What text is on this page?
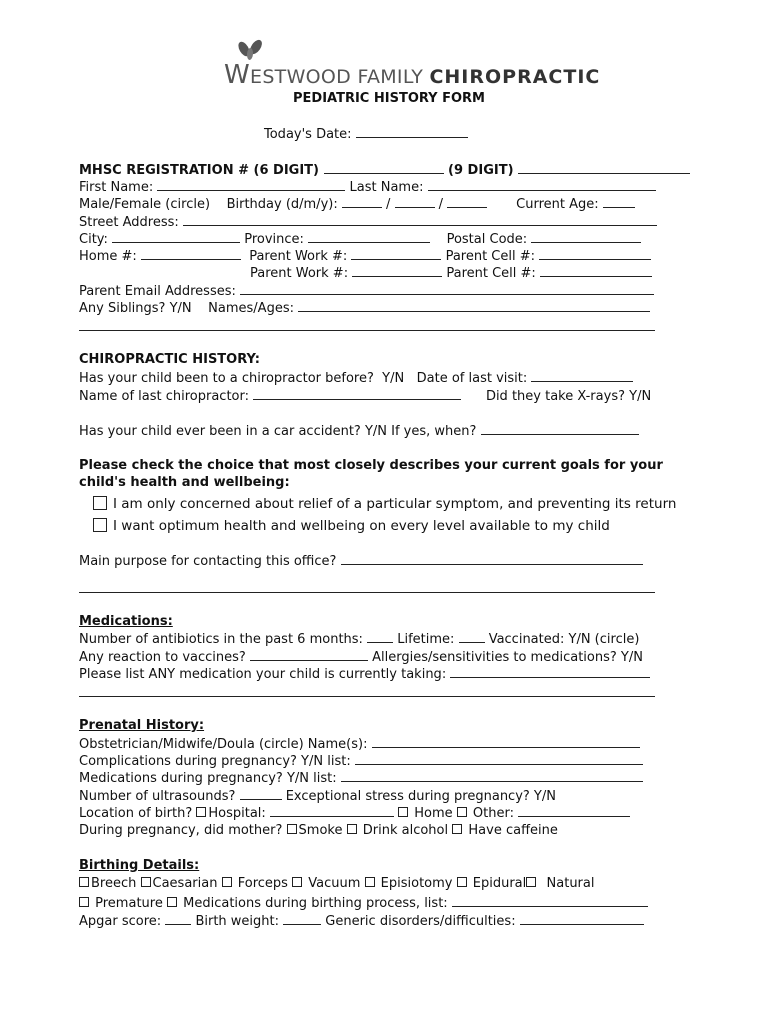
WESTWOOD FAMILY CHIROPRACTIC
PEDIATRIC HISTORY FORM
Today's Date:
MHSC REGISTRATION # (6 DIGIT)	(9 DIGIT)
First Name:	Last Name:
Male/Female (circle) Birthday (d/m/y):	/	/	Current Age:
Street Address:
City:	Province:	Postal Code:
Home #:	Parent Work #:	Parent Cell #:
Parent Work #:	Parent Cell #:
Parent Email Addresses:
Any Siblings? Y/N Names/Ages:
CHIROPRACTIC HISTORY:
Has your child been to a chiropractor before? Y/N Date of last visit:
Name of last chiropractor:	Did they take X-rays? Y/N
Has your child ever been in a car accident? Y/N If yes, when?
Please check the choice that most closely describes your current goals for your
child's health and wellbeing:
I am only concerned about relief of a particular symptom, and preventing its return
I want optimum health and wellbeing on every level available to my child
Main purpose for contacting this office?
Medications:
Number of antibiotics in the past 6 months:	Lifetime:	Vaccinated: Y/N (circle)
Any reaction to vaccines?	Allergies/sensitivities to medications? Y/N
Please list ANY medication your child is currently taking:
Prenatal History:
Obstetrician/Midwife/Doula (circle) Name(s):
Complications during pregnancy? Y/N list:
Medications during pregnancy? Y/N list:
Number of ultrasounds?	Exceptional stress during pregnancy? Y/N
Location of birth? Hospital:	Home Other:
During pregnancy, did mother? Smoke Drink alcohol Have caffeine
Birthing Details:
Breech Caesarian Forceps Vacuum Episiotomy Epidural Natural
Premature Medications during birthing process, list:
Apgar score:	Birth weight:	Generic disorders/difficulties:
